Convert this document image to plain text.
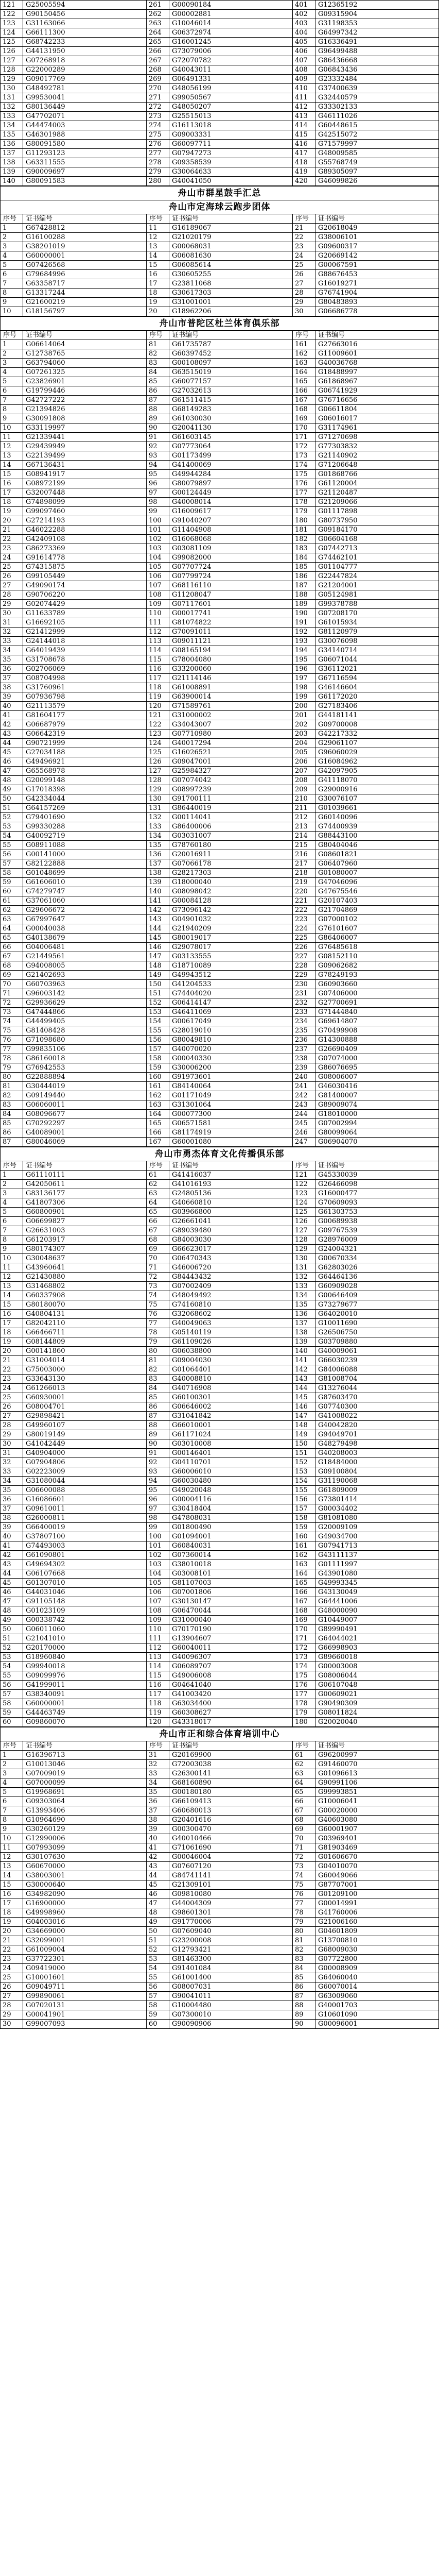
121	G25005594	261	G00090184	401	G12365192
122	G90150456	262	G00002881	402	G09315904
123	G31163066	263	G10046014	403	G31198353
124	G66111300	264	G06372974	404	G64997342
125	G68742233	265	G16001245	405	G16336491
126	G44131950	266	G73079006	406	G96499488
127	G07268918	267	G72070782	407	G86436668
128	G22000289	268	G40043011	408	G06843436
129	G09017769	269	G06491331	409	G23332484
130	G48492781	270	G48056199	410	G37400639
131	G99530041	271	G99050567	411	G32440579
132	G80136449	272	G48050207	412	G33302133
133	G47702071	273	G25515013	413	G46111026
134	G44474003	274	G16113018	414	G60448615
135	G46301988	275	G09003331	415	G42515072
136	G80091580	276	G60097711	416	G71579997
137	G11293123	277	G07947273	417	G48009585
138	G63311555	278	G09358539	418	G55768749
139	G90009697	279	G30064633	419	G89305097
140	G80091583	280	G40041050	420	G46099826
舟山市群星鼓手汇总
舟山市定海球云跑步团体
序号	证书编号	序号	证书编号	序号	证书编号
1	G67428812	11	G16189067	21	G20618049
2	G16100288	12	G21020179	22	G38006101
3	G38201019	13	G00068031	23	G09600317
4	G60000001	14	G06081630	24	G20669142
5	G07426568	15	G06085614	25	G00067591
6	G79684996	16	G30605255	26	G88676453
7	G63358717	17	G23811068	27	G16019271
8	G13317244	18	G30617303	28	G76741904
9	G21600219	19	G31001001	29	G80483893
10	G18156797	20	G18962206	30	G06686778
舟山市普陀区杜兰体育俱乐部
序号	证书编号	序号	证书编号	序号	证书编号
1	G06614064	81	G61735787	161	G27663016
2	G12738765	82	G60397452	162	G11009601
3	G63794060	83	G00108097	163	G40036768
4	G07261325	84	G63515019	164	G18488997
5	G23826901	85	G60077157	165	G61868967
6	G19799446	86	G27032613	166	G06741929
7	G42727222	87	G61511415	167	G76716656
8	G21394826	88	G68149283	168	G06611804
9	G30091808	89	G61030030	169	G06016017
10	G33119997	90	G20041130	170	G31174961
11	G21339441	91	G61603145	171	G71270698
12	G29439949	92	G07773064	172	G77303832
13	G22139499	93	G01173499	173	G21140902
14	G67136431	94	G41400069	174	G71206648
15	G08941917	95	G49944284	175	G01868766
16	G08972199	96	G80079897	176	G61120004
17	G32007448	97	G00124449	177	G21120487
18	G74898099	98	G40008014	178	G21209066
19	G99097460	99	G16009617	179	G01117898
20	G27214193	100	G91040207	180	G80737950
21	G46022288	101	G11404908	181	G09184170
22	G42409108	102	G16068068	182	G06604168
23	G86273369	103	G03081109	183	G07442713
24	G91614778	104	G99082000	184	G74462101
25	G74315875	105	G07707724	185	G01104777
26	G99105449	106	G07799724	186	G22447824
27	G49090174	107	G68116110	187	G21204001
28	G90706220	108	G11208047	188	G05124981
29	G02074429	109	G07117601	189	G99378788
30	G11633789	110	G00017741	190	G07208170
31	G16692105	111	G81074822	191	G61015934
32	G21412999	112	G70091011	192	G81120979
33	G24144018	113	G09011121	193	G30076098
34	G64019439	114	G08165194	194	G34140714
35	G31708678	115	G78004080	195	G06071044
36	G02706069	116	G33200060	196	G36112021
37	G08704998	117	G21114146	197	G67116594
38	G31760961	118	G61008891	198	G46146604
39	G07936798	119	G63900014	199	G61172020
40	G21113579	120	G71589761	200	G27183406
41	G81604177	121	G31000002	201	G44181141
42	G06687979	122	G34043007	202	G09700008
43	G06642319	123	G07710980	203	G42217332
44	G90721999	124	G40017294	204	G29061107
45	G27034188	125	G16026521	205	G96060029
46	G49496921	126	G09047001	206	G16084962
47	G65568978	127	G25984327	207	G42097905
48	G20099148	128	G07074042	208	G41118070
49	G17018398	129	G08997239	209	G29000916
50	G42334044	130	G91700111	210	G30076107
51	G64157269	131	G86440019	211	G01039661
52	G79401690	132	G00114041	212	G60140096
53	G99330288	133	G86400006	213	G74400939
54	G40092719	134	G03031007	214	G88443100
55	G08911088	135	G78760180	215	G80404046
56	G00141000	136	G20016911	216	G08601821
57	G82122888	137	G07066178	217	G06407960
58	G01048699	138	G28217303	218	G01080007
59	G61606010	139	G18000040	219	G47046096
60	G74279747	140	G08098042	220	G47675546
61	G37061060	141	G00084128	221	G20107403
62	G29606672	142	G73096142	222	G21704869
63	G67997647	143	G04901032	223	G07000102
64	G00040038	144	G21940209	224	G76101607
65	G40138679	145	G80019017	225	G86406007
66	G04006481	146	G29078017	226	G76485618
67	G21449561	147	G03133555	227	G08152110
68	G94008005	148	G18710089	228	G09062682
69	G21402693	149	G49943512	229	G78249193
70	G60703963	150	G41204533	230	G60903660
71	G96003142	151	G74404020	231	G07406000
72	G29936629	152	G06414147	232	G27700691
73	G47444866	153	G46411069	233	G71444840
74	G44499405	154	G00617049	234	G69614807
75	G81408428	155	G28019010	235	G70499908
76	G71098680	156	G80049810	236	G14300888
77	G99835106	157	G40070020	237	G26690409
78	G86160018	158	G00040330	238	G07074000
79	G76942553	159	G30006200	239	G86076695
80	G22888894	160	G91973601	240	G08006007
81	G30444019	161	G84140064	241	G46030416
82	G09149440	162	G01171049	242	G81400007
83	G06060011	163	G31301064	243	G89009074
84	G08096677	164	G00077300	244	G18010000
85	G70292297	165	G06571581	245	G07002994
86	G40089001	166	G81174919	246	G80099064
87	G80046069	167	G60001080	247	G06904070
舟山市勇杰体育文化传播俱乐部
序号	证书编号	序号	证书编号	序号	证书编号
1	G61110111	61	G41416037	121	G45330039
2	G42050611	62	G41016193	122	G26466098
3	G83136177	63	G24805136	123	G16000477
4	G41807306	64	G40660810	124	G70609093
5	G60800901	65	G03966800	125	G61303753
6	G06699827	66	G26661041	126	G00689938
7	G26631003	67	G89039480	127	G09767539
8	G61203917	68	G84003030	128	G28976009
9	G80174307	69	G66623017	129	G24004321
10	G30048637	70	G06470343	130	G00670334
11	G43960641	71	G46006720	131	G62803026
12	G21430880	72	G84443432	132	G64464136
13	G31468802	73	G07002409	133	G60909028
14	G60337908	74	G48049492	134	G00646409
15	G80180070	75	G74160810	135	G73279677
16	G40804131	76	G32068602	136	G64020010
17	G82042110	77	G40049063	137	G10011690
18	G66466711	78	G05140119	138	G26506750
19	G08144809	79	G61109026	139	G03709880
20	G00141860	80	G06038800	140	G40009061
21	G31004014	81	G09004030	141	G66030239
22	G75003000	82	G01064401	142	G84006088
23	G33643130	83	G40008810	143	G81008704
24	G61266013	84	G40716908	144	G13276044
25	G60930001	85	G60100301	145	G87603470
26	G08004701	86	G06646002	146	G07740300
27	G29898421	87	G31041842	147	G41008022
28	G49960107	88	G66010001	148	G40042820
29	G80019149	89	G61171024	149	G94049701
30	G41042449	90	G03010008	150	G48279498
31	G40904000	91	G00146401	151	G40208003
32	G07904806	92	G04110701	152	G18484000
33	G02223009	93	G60006010	153	G09100804
34	G31080044	94	G60030480	154	G31190068
35	G06600088	95	G49020048	155	G61809009
36	G16086601	96	G00004116	156	G73801414
37	G09610011	97	G30418404	157	G00034402
38	G26000811	98	G47808031	158	G81081080
39	G66400019	99	G01800490	159	G20009109
40	G37807100	100	G01094001	160	G49034700
41	G74493003	101	G60840031	161	G07941713
42	G61090801	102	G07360014	162	G43111137
43	G49694302	103	G38010018	163	G01111997
44	G06107668	104	G03008101	164	G43901080
45	G01307010	105	G81107003	165	G49993345
46	G44031046	106	G07001806	166	G43130049
47	G91105148	107	G30130147	167	G64441006
48	G01023109	108	G06470044	168	G48000090
49	G00338742	109	G31000040	169	G10449007
50	G06011060	110	G70170190	170	G89990491
51	G21041010	111	G13904607	171	G64044021
52	G20170000	112	G60040011	172	G66998903
53	G18960840	113	G40096307	173	G89660018
54	G99940018	114	G06089707	174	G00003008
55	G09099976	115	G49006008	175	G08006044
56	G41999011	116	G04641040	176	G06107048
57	G38340091	117	G41003420	177	G00609021
58	G60000001	118	G63034400	178	G90490309
59	G44463749	119	G60308627	179	G08011824
60	G09860070	120	G43318017	180	G20020040
舟山市正和综合体育培训中心
序号	证书编号	序号	证书编号	序号	证书编号
1	G16396713	31	G20169900	61	G96200997
2	G10013046	32	G72003038	62	G91460070
3	G07009019	33	G26300141	63	G01096613
4	G07000099	34	G68160890	64	G90991106
5	G19968691	35	G00180180	65	G99993851
6	G09303064	36	G66109413	66	G10006041
7	G13993406	37	G60680013	67	G00020000
8	G10964690	38	G20401616	68	G40603080
9	G30260129	39	G00300470	69	G60001907
10	G12990006	40	G40010466	70	G03969401
11	G07993099	41	G71061690	71	G81903469
12	G30107630	42	G00046004	72	G01606670
13	G60670000	43	G07607120	73	G04010070
14	G38003001	44	G84741141	74	G60049066
15	G30000640	45	G21309101	75	G87707001
16	G34982090	46	G09810080	76	G01209100
17	G16900000	47	G44004309	77	G00014991
18	G49998960	48	G98601301	78	G41760006
19	G04003016	49	G91770006	79	G21006160
20	G34669000	50	G07609040	80	G04601809
21	G32099001	51	G23200008	81	G13700810
22	G61009004	52	G12793421	82	G68009030
23	G37722301	53	G81463300	83	G07722800
24	G09419000	54	G91401084	84	G00008909
25	G10001601	55	G61001400	85	G64060040
26	G09049711	56	G08007031	86	G60070014
27	G99890061	57	G90041011	87	G63009060
28	G07020131	58	G10004480	88	G40001703
29	G00041901	59	G07300010	89	G10601090
30	G99007093	60	G90090906	90	G00096001
